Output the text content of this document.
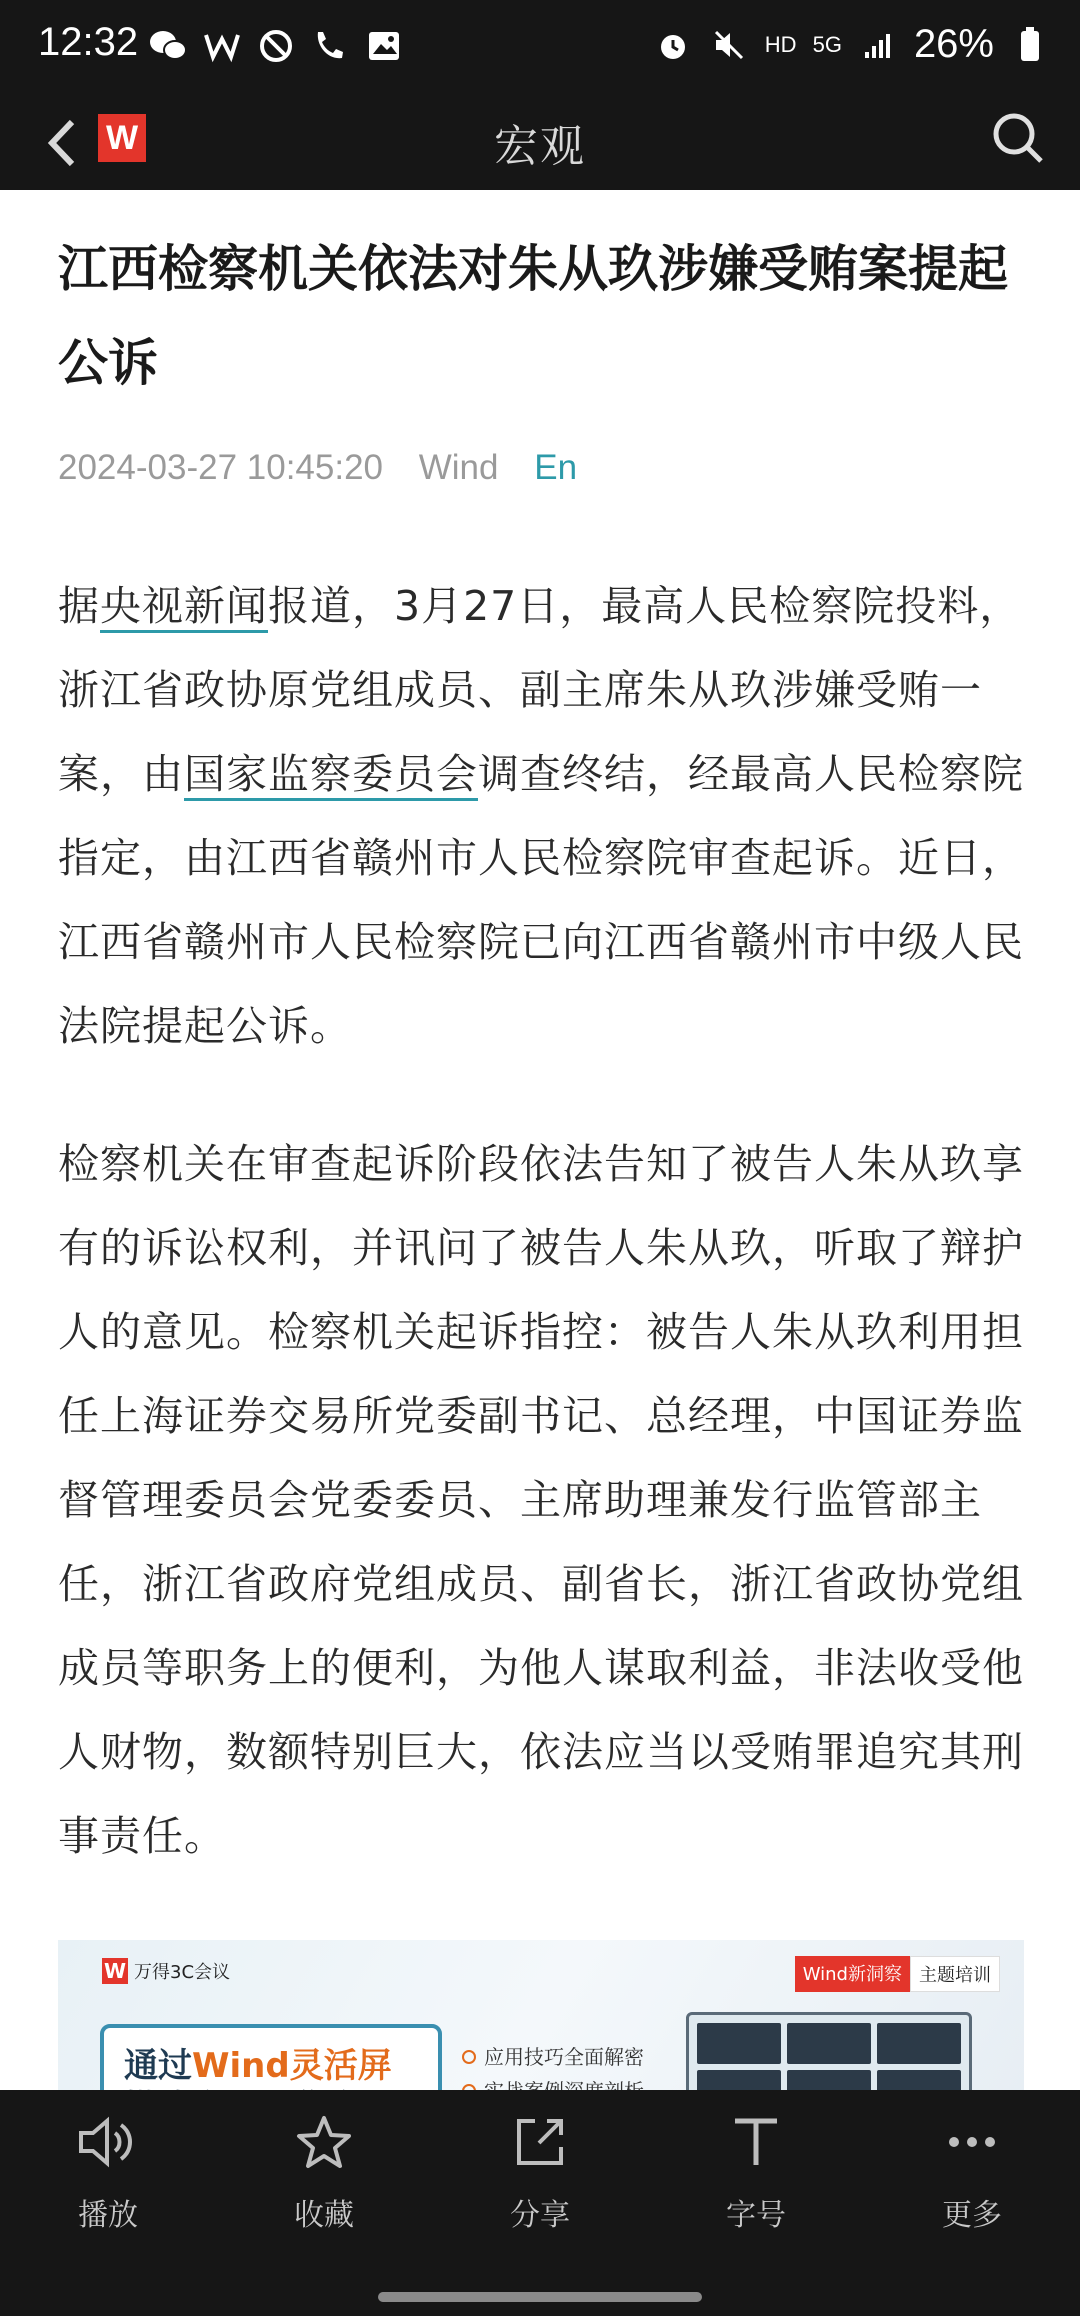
12:32	HD 5G 26%
W	宏观
江西检察机关依法对朱从玖涉嫌受贿案提起公诉
2024-03-27 10:45:20 Wind En

据央视新闻报道，3月27日，最高人民检察院投料，浙江省政协原党组成员、副主席朱从玖涉嫌受贿一案，由国家监察委员会调查终结，经最高人民检察院指定，由江西省赣州市人民检察院审查起诉。近日，江西省赣州市人民检察院已向江西省赣州市中级人民法院提起公诉。

检察机关在审查起诉阶段依法告知了被告人朱从玖享有的诉讼权利，并讯问了被告人朱从玖，听取了辩护人的意见。检察机关起诉指控：被告人朱从玖利用担任上海证券交易所党委副书记、总经理，中国证券监督管理委员会党委委员、主席助理兼发行监管部主任，浙江省政府党组成员、副省长，浙江省政协党组成员等职务上的便利，为他人谋取利益，非法收受他人财物，数额特别巨大，依法应当以受贿罪追究其刑事责任。

W 万得3C会议	Wind新洞察 主题培训
通过Wind灵活屏	应用技巧全面解密
播放	收藏	分享	字号	更多
